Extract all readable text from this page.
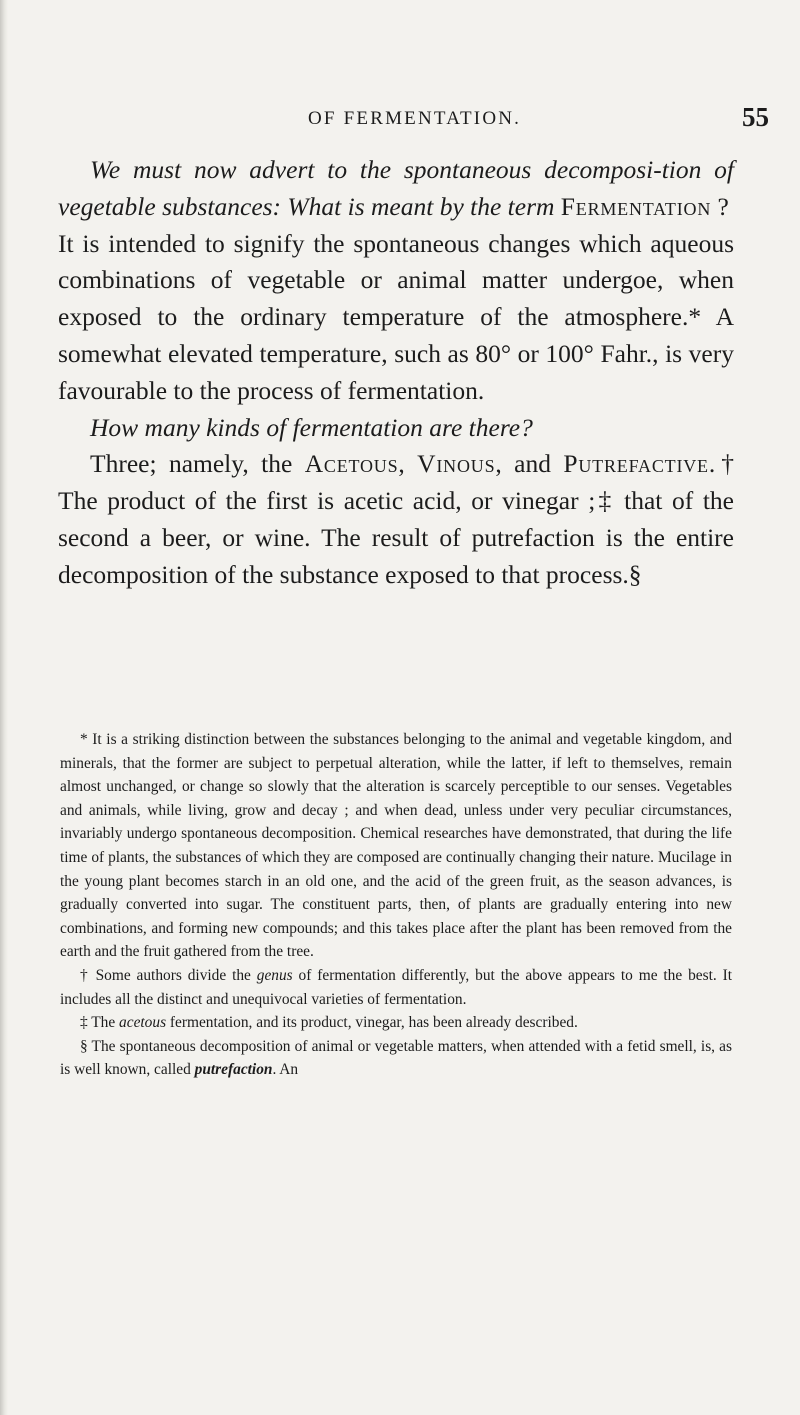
OF FERMENTATION.	55

We must now advert to the spontaneous decomposi-tion of vegetable substances: What is meant by the term Fermentation ?

It is intended to signify the spontaneous changes which aqueous combinations of vegetable or animal matter undergoe, when exposed to the ordinary temperature of the atmosphere.* A somewhat elevated temperature, such as 80° or 100° Fahr., is very favourable to the process of fermentation.

How many kinds of fermentation are there?

Three; namely, the Acetous, Vinous, and Putrefactive.† The product of the first is acetic acid, or vinegar ;‡ that of the second a beer, or wine. The result of putrefaction is the entire decomposition of the substance exposed to that process.§

* It is a striking distinction between the substances belonging to the animal and vegetable kingdom, and minerals, that the former are subject to perpetual alteration, while the latter, if left to themselves, remain almost unchanged, or change so slowly that the alteration is scarcely perceptible to our senses. Vegetables and animals, while living, grow and decay ; and when dead, unless under very peculiar circumstances, invariably undergo spontaneous decomposition. Chemical researches have demonstrated, that during the life time of plants, the substances of which they are composed are continually changing their nature. Mucilage in the young plant becomes starch in an old one, and the acid of the green fruit, as the season advances, is gradually converted into sugar. The constituent parts, then, of plants are gradually entering into new combinations, and forming new compounds; and this takes place after the plant has been removed from the earth and the fruit gathered from the tree.

† Some authors divide the genus of fermentation differently, but the above appears to me the best. It includes all the distinct and unequivocal varieties of fermentation.

‡ The acetous fermentation, and its product, vinegar, has been already described.

§ The spontaneous decomposition of animal or vegetable matters, when attended with a fetid smell, is, as is well known, called putrefaction. An
